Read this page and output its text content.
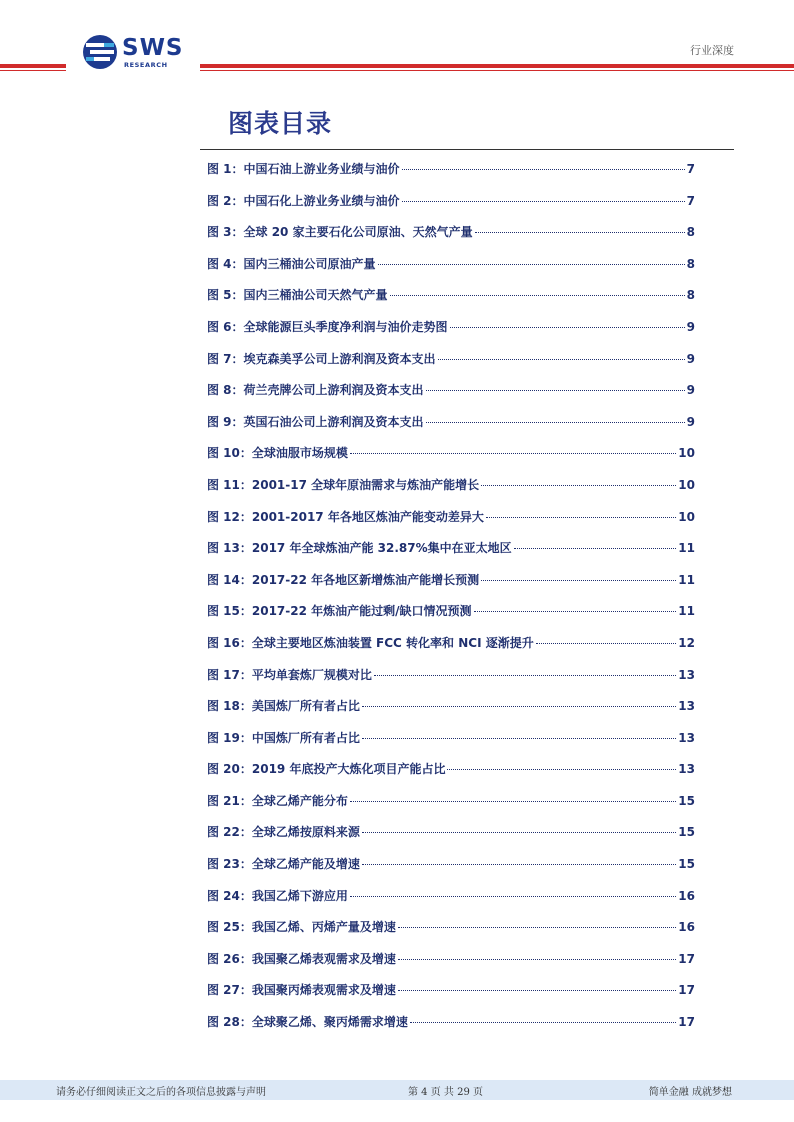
SWS
RESEARCH
行业深度
图表目录
图 1：中国石油上游业务业绩与油价	7
图 2：中国石化上游业务业绩与油价	7
图 3：全球 20 家主要石化公司原油、天然气产量	8
图 4：国内三桶油公司原油产量	8
图 5：国内三桶油公司天然气产量	8
图 6：全球能源巨头季度净利润与油价走势图	9
图 7：埃克森美孚公司上游利润及资本支出	9
图 8：荷兰壳牌公司上游利润及资本支出	9
图 9：英国石油公司上游利润及资本支出	9
图 10：全球油服市场规模	10
图 11：2001-17 全球年原油需求与炼油产能增长	10
图 12：2001-2017 年各地区炼油产能变动差异大	10
图 13：2017 年全球炼油产能 32.87%集中在亚太地区	11
图 14：2017-22 年各地区新增炼油产能增长预测	11
图 15：2017-22 年炼油产能过剩/缺口情况预测	11
图 16：全球主要地区炼油装置 FCC 转化率和 NCI 逐渐提升	12
图 17：平均单套炼厂规模对比	13
图 18：美国炼厂所有者占比	13
图 19：中国炼厂所有者占比	13
图 20：2019 年底投产大炼化项目产能占比	13
图 21：全球乙烯产能分布	15
图 22：全球乙烯按原料来源	15
图 23：全球乙烯产能及增速	15
图 24：我国乙烯下游应用	16
图 25：我国乙烯、丙烯产量及增速	16
图 26：我国聚乙烯表观需求及增速	17
图 27：我国聚丙烯表观需求及增速	17
图 28：全球聚乙烯、聚丙烯需求增速	17
请务必仔细阅读正文之后的各项信息披露与声明	第 4 页 共 29 页	简单金融 成就梦想
